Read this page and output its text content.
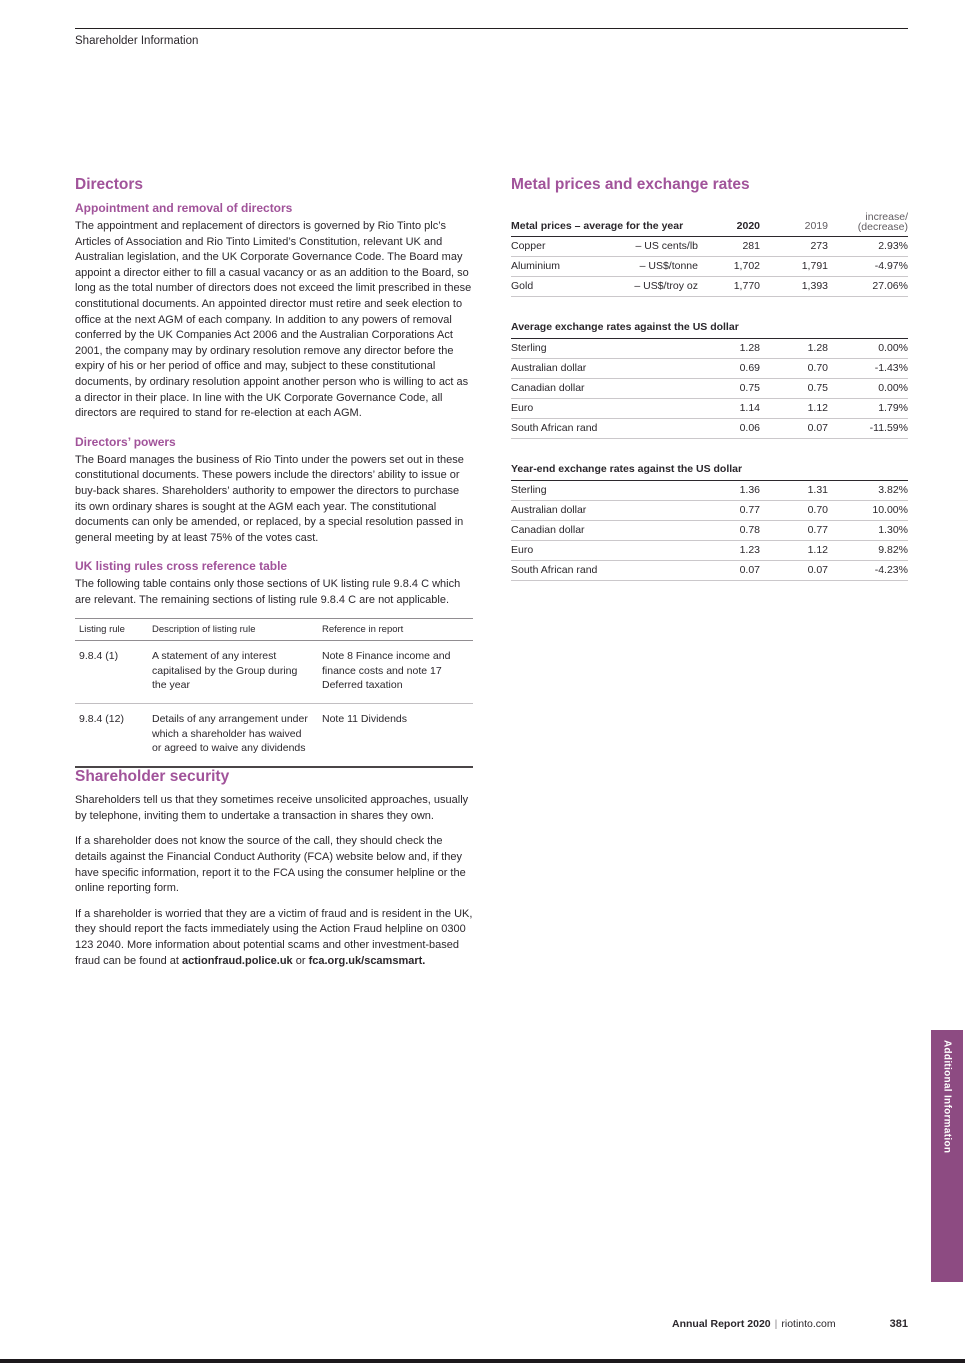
Shareholder Information
Directors
Appointment and removal of directors

The appointment and replacement of directors is governed by Rio Tinto plc’s Articles of Association and Rio Tinto Limited’s Constitution, relevant UK and Australian legislation, and the UK Corporate Governance Code. The Board may appoint a director either to fill a casual vacancy or as an addition to the Board, so long as the total number of directors does not exceed the limit prescribed in these constitutional documents. An appointed director must retire and seek election to office at the next AGM of each company. In addition to any powers of removal conferred by the UK Companies Act 2006 and the Australian Corporations Act 2001, the company may by ordinary resolution remove any director before the expiry of his or her period of office and may, subject to these constitutional documents, by ordinary resolution appoint another person who is willing to act as a director in their place. In line with the UK Corporate Governance Code, all directors are required to stand for re-election at each AGM.

Directors’ powers

The Board manages the business of Rio Tinto under the powers set out in these constitutional documents. These powers include the directors’ ability to issue or buy-back shares. Shareholders’ authority to empower the directors to purchase its own ordinary shares is sought at the AGM each year. The constitutional documents can only be amended, or replaced, by a special resolution passed in general meeting by at least 75% of the votes cast.

UK listing rules cross reference table

The following table contains only those sections of UK listing rule 9.8.4 C which are relevant. The remaining sections of listing rule 9.8.4 C are not applicable.

Listing rule	Description of listing rule	Reference in report
9.8.4 (1)	A statement of any interest capitalised by the Group during the year	Note 8 Finance income and finance costs and note 17 Deferred taxation
9.8.4 (12)	Details of any arrangement under which a shareholder has waived or agreed to waive any dividends	Note 11 Dividends
Shareholder security

Shareholders tell us that they sometimes receive unsolicited approaches, usually by telephone, inviting them to undertake a transaction in shares they own.

If a shareholder does not know the source of the call, they should check the details against the Financial Conduct Authority (FCA) website below and, if they have specific information, report it to the FCA using the consumer helpline or the online reporting form.

If a shareholder is worried that they are a victim of fraud and is resident in the UK, they should report the facts immediately using the Action Fraud helpline on 0300 123 2040. More information about potential scams and other investment-based fraud can be found at actionfraud.police.uk or fca.org.uk/scamsmart.

Metal prices and exchange rates
Metal prices – average for the year		2020	2019	increase/
(decrease)

Copper	– US cents/lb	281	273	2.93%
Aluminium	– US$/tonne	1,702	1,791	-4.97%
Gold	– US$/troy oz	1,770	1,393	27.06%
Average exchange rates against the US dollar
Sterling	1.28	1.28	0.00%
Australian dollar	0.69	0.70	-1.43%
Canadian dollar	0.75	0.75	0.00%
Euro	1.14	1.12	1.79%
South African rand	0.06	0.07	-11.59%
Year-end exchange rates against the US dollar
Sterling	1.36	1.31	3.82%
Australian dollar	0.77	0.70	10.00%
Canadian dollar	0.78	0.77	1.30%
Euro	1.23	1.12	9.82%
South African rand	0.07	0.07	-4.23%
Additional Information
Annual Report 2020 | riotinto.com	381
